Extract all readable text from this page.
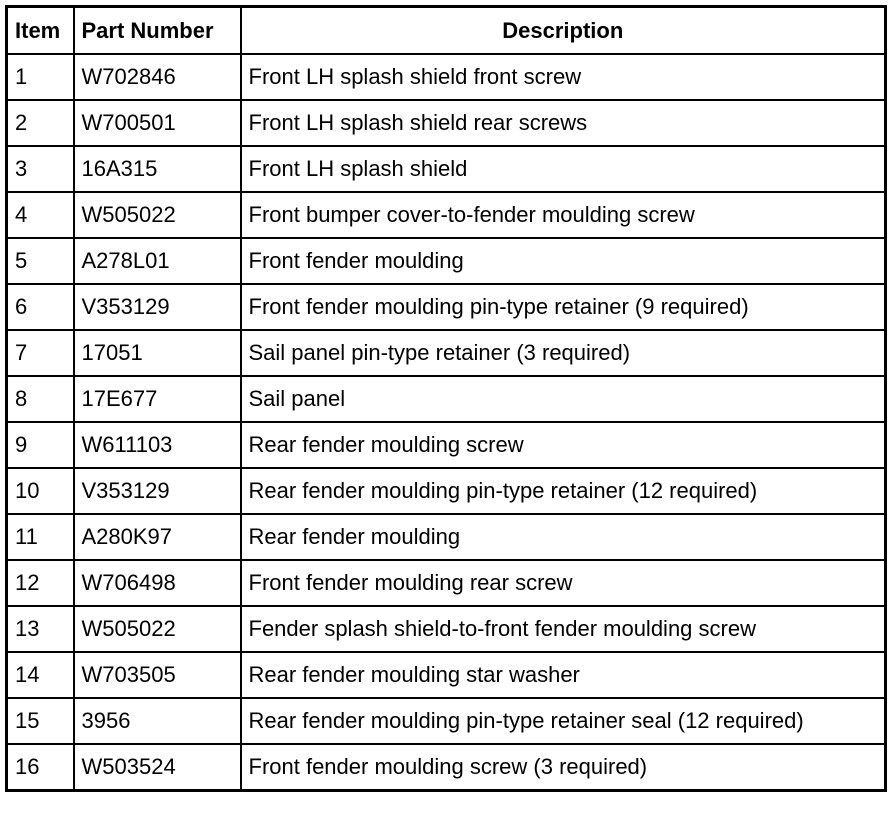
Item	Part Number	Description
1	W702846	Front LH splash shield front screw
2	W700501	Front LH splash shield rear screws
3	16A315	Front LH splash shield
4	W505022	Front bumper cover-to-fender moulding screw
5	A278L01	Front fender moulding
6	V353129	Front fender moulding pin-type retainer (9 required)
7	17051	Sail panel pin-type retainer (3 required)
8	17E677	Sail panel
9	W611103	Rear fender moulding screw
10	V353129	Rear fender moulding pin-type retainer (12 required)
11	A280K97	Rear fender moulding
12	W706498	Front fender moulding rear screw
13	W505022	Fender splash shield-to-front fender moulding screw
14	W703505	Rear fender moulding star washer
15	3956	Rear fender moulding pin-type retainer seal (12 required)
16	W503524	Front fender moulding screw (3 required)
